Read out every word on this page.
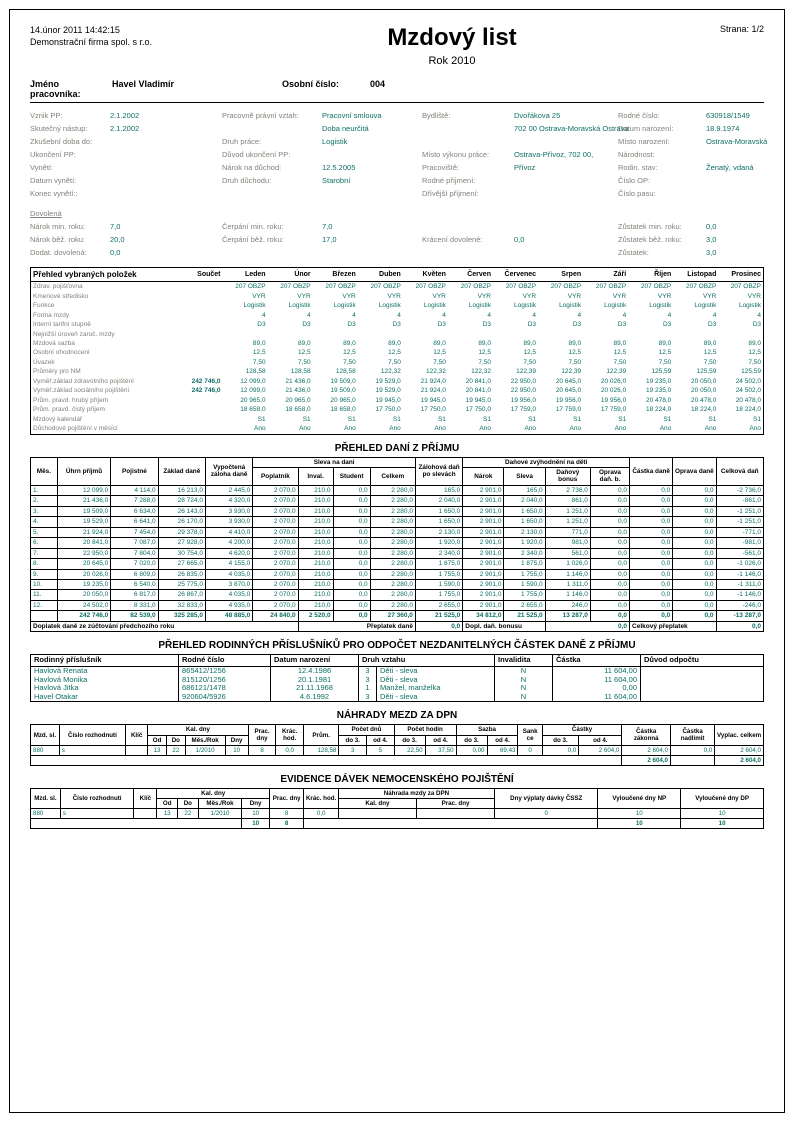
14.únor 2011 14:42:15
Demonstrační firma spol. s r.o.	Mzdový list
Rok 2010
Strana: 1/2
Jméno pracovníka:
Havel Vladimír	Osobní číslo:	004
Vznik PP:	2.1.2002	Pracovně právní vztah:	Pracovní smlouva	Bydliště:	Dvořákova 25	Rodné číslo:	630918/1549
Skutečný nástup:	2.1.2002	Doba neurčitá	702 00 Ostrava-Moravská Ostrava
Datum narození:	18.9.1974
Zkušební doba do:	Druh práce:	Logistik	Místo narození:	Ostrava-Moravská
Ukončení PP:	Důvod ukončení PP:	Místo výkonu práce:	Ostrava-Přívoz, 702 00,	Národnost:
Vynětí:	Nárok na důchod:	12.5.2005	Pracoviště:	Přívoz	Rodin. stav:	Ženatý, vdaná
Datum vynětí:	Druh důchodu:	Starobní	Rodné příjmení:	Číslo OP:
Konec vynětí::	Dřívější příjmení:	Číslo pasu:
Dovolená
Nárok min. roku:	7,0	Čerpání min. roku:	7,0	Zůstatek min. roku:	0,0
Nárok běž. roku:	20,0	Čerpání běž. roku:	17,0	Krácení dovolené:	0,0	Zůstatek běž. roku:	3,0
Dodat. dovolená:	0,0	Zůstatek:	3,0
Přehled vybraných položek	Součet	Leden	Únor	Březen	Duben	Květen	Červen	Červenec	Srpen	Září	Říjen	Listopad	Prosinec
Zdrav. pojišťovna		207 OBZP	207 OBZP	207 OBZP	207 OBZP	207 OBZP	207 OBZP	207 OBZP	207 OBZP	207 OBZP	207 OBZP	207 OBZP	207 OBZP
Kmenové středisko		VYR	VYR	VYR	VYR	VYR	VYR	VYR	VYR	VYR	VYR	VYR	VYR
Funkce		Logistik	Logistik	Logistik	Logistik	Logistik	Logistik	Logistik	Logistik	Logistik	Logistik	Logistik	Logistik
Forma mzdy		4	4	4	4	4	4	4	4	4	4	4	4
Interní tarifní stupně		D3	D3	D3	D3	D3	D3	D3	D3	D3	D3	D3	D3
Nejnižší úroveň zaruč. mzdy													
Mzdová sazba		89,0	89,0	89,0	89,0	89,0	89,0	89,0	89,0	89,0	89,0	89,0	89,0
Osobní ohodnocení		12,5	12,5	12,5	12,5	12,5	12,5	12,5	12,5	12,5	12,5	12,5	12,5
Úvazek		7,50	7,50	7,50	7,50	7,50	7,50	7,50	7,50	7,50	7,50	7,50	7,50
Průměry pro NM		128,58	128,58	128,58	122,32	122,32	122,32	122,39	122,39	122,39	125,59	125,59	125,59
Vyměř.základ zdravotního pojištění	242 746,0	12 099,0	21 436,0	19 509,0	19 529,0	21 924,0	20 841,0	22 950,0	20 645,0	20 026,0	19 235,0	20 050,0	24 502,0
Vyměř.základ sociálního pojištění	242 746,0	12 099,0	21 436,0	19 509,0	19 529,0	21 924,0	20 841,0	22 950,0	20 645,0	20 026,0	19 235,0	20 050,0	24 502,0
Prům. pravd. hrubý příjem		20 965,0	20 965,0	20 965,0	19 945,0	19 945,0	19 945,0	19 956,0	19 956,0	19 956,0	20 478,0	20 478,0	20 478,0
Prům. pravd. čistý příjem		18 658,0	18 658,0	18 658,0	17 750,0	17 750,0	17 750,0	17 759,0	17 759,0	17 759,0	18 224,0	18 224,0	18 224,0
Mzdový kalendář		S1	S1	S1	S1	S1	S1	S1	S1	S1	S1	S1	S1
Důchodové pojištění v měsíci		Ano	Ano	Ano	Ano	Ano	Ano	Ano	Ano	Ano	Ano	Ano	Ano
PŘEHLED DANÍ Z PŘÍJMU
Měs.	Úhrn příjmů	Pojistné	Základ daně	Vypočtená záloha daně	Sleva na dani				Zálohová daň po slevách	Daňové zvýhodnění na děti				Částka daně	Oprava daně	Celková daň
					Poplatník	Inval.	Student	Celkem		Nárok	Sleva	Daňový bonus	Oprava daň. b.			
1.	12 099,0	4 114,0	16 213,0	2 445,0	2 070,0	210,0	0,0	2 280,0	165,0	2 901,0	165,0	2 736,0	0,0	0,0	0,0	-2 736,0
2.	21 436,0	7 288,0	28 724,0	4 320,0	2 070,0	210,0	0,0	2 280,0	2 040,0	2 901,0	2 040,0	861,0	0,0	0,0	0,0	-861,0
3.	19 509,0	6 634,0	26 143,0	3 930,0	2 070,0	210,0	0,0	2 280,0	1 650,0	2 901,0	1 650,0	1 251,0	0,0	0,0	0,0	-1 251,0
4.	19 529,0	6 641,0	26 170,0	3 930,0	2 070,0	210,0	0,0	2 280,0	1 650,0	2 901,0	1 650,0	1 251,0	0,0	0,0	0,0	-1 251,0
5.	21 924,0	7 454,0	29 378,0	4 410,0	2 070,0	210,0	0,0	2 280,0	2 130,0	2 901,0	2 130,0	771,0	0,0	0,0	0,0	-771,0
6.	20 841,0	7 087,0	27 928,0	4 200,0	2 070,0	210,0	0,0	2 280,0	1 920,0	2 901,0	1 920,0	981,0	0,0	0,0	0,0	-981,0
7.	22 950,0	7 804,0	30 754,0	4 620,0	2 070,0	210,0	0,0	2 280,0	2 340,0	2 901,0	2 340,0	561,0	0,0	0,0	0,0	-561,0
8.	20 645,0	7 020,0	27 665,0	4 155,0	2 070,0	210,0	0,0	2 280,0	1 875,0	2 901,0	1 875,0	1 026,0	0,0	0,0	0,0	-1 026,0
9.	20 026,0	6 809,0	26 835,0	4 035,0	2 070,0	210,0	0,0	2 280,0	1 755,0	2 901,0	1 755,0	1 146,0	0,0	0,0	0,0	-1 146,0
10.	19 235,0	6 540,0	25 775,0	3 870,0	2 070,0	210,0	0,0	2 280,0	1 590,0	2 901,0	1 590,0	1 311,0	0,0	0,0	0,0	-1 311,0
11.	20 050,0	6 817,0	26 867,0	4 035,0	2 070,0	210,0	0,0	2 280,0	1 755,0	2 901,0	1 755,0	1 146,0	0,0	0,0	0,0	-1 146,0
12.	24 502,0	8 331,0	32 833,0	4 935,0	2 070,0	210,0	0,0	2 280,0	2 655,0	2 901,0	2 655,0	246,0	0,0	0,0	0,0	-246,0
	242 746,0	82 539,0	325 285,0	48 885,0	24 840,0	2 520,0	0,0	27 360,0	21 525,0	34 812,0	21 525,0	13 287,0	0,0	0,0	0,0	-13 287,0
Doplatek daně ze zúčtování předchozího roku						Přeplatek daně			0,0	Dopl. daň. bonusu		0,0		Celkový přeplatek		0,0
PŘEHLED RODINNÝCH PŘÍSLUŠNÍKŮ PRO ODPOČET NEZDANITELNÝCH ČÁSTEK DANĚ Z PŘÍJMU
Rodinný příslušník	Rodné číslo	Datum narození	Druh vztahu		Invalidita	Částka	Důvod odpočtu
Havlová Renata	865412/1256	12.4.1986	3	Děti - sleva	N	11 604,00	
Havlová Monika	815120/1256	20.1.1981	3	Děti - sleva	N	11 604,00	
Havlová Jitka	686121/1478	21.11.1968	1	Manžel, manželka	N	0,00	
Havel Otakar	920604/5926	4.6.1992	3	Děti - sleva	N	11 604,00	
NÁHRADY MEZD ZA DPN
Mzd. sl.	Číslo rozhodnutí	Klíč	Kal. dny				Prac. dny	Krác. hod.	Prům.	Počet dnů		Počet hodin		Sazba		Sank ce	Částky		Částka zákonná	Částka nadlimit	Vyplac. celkem
			Od	Do	Měs./Rok	Dny				do 3.	od 4.	do 3.	od 4.	do 3.	od 4.		do 3.	od 4.			
880	s		13	22	1/2010	10	8	0,0	128,58	3	5	22,50	37,50	0,00	69,43	0	0,0	2 604,0	2 604,0	0,0	2 604,0
																			2 604,0		2 604,0
EVIDENCE DÁVEK NEMOCENSKÉHO POJIŠTĚNÍ
Mzd. sl.	Číslo rozhodnutí	Klíč	Kal. dny				Prac. dny	Krác. hod.	Náhrada mzdy za DPN		Dny výplaty dávky ČSSZ	Vyloučené dny NP	Vyloučené dny DP
			Od	Do	Měs./Rok	Dny			Kal. dny	Prac. dny			
880	s		13	22	1/2010	10	8	0,0			0	10	10
						10	8					10	10
